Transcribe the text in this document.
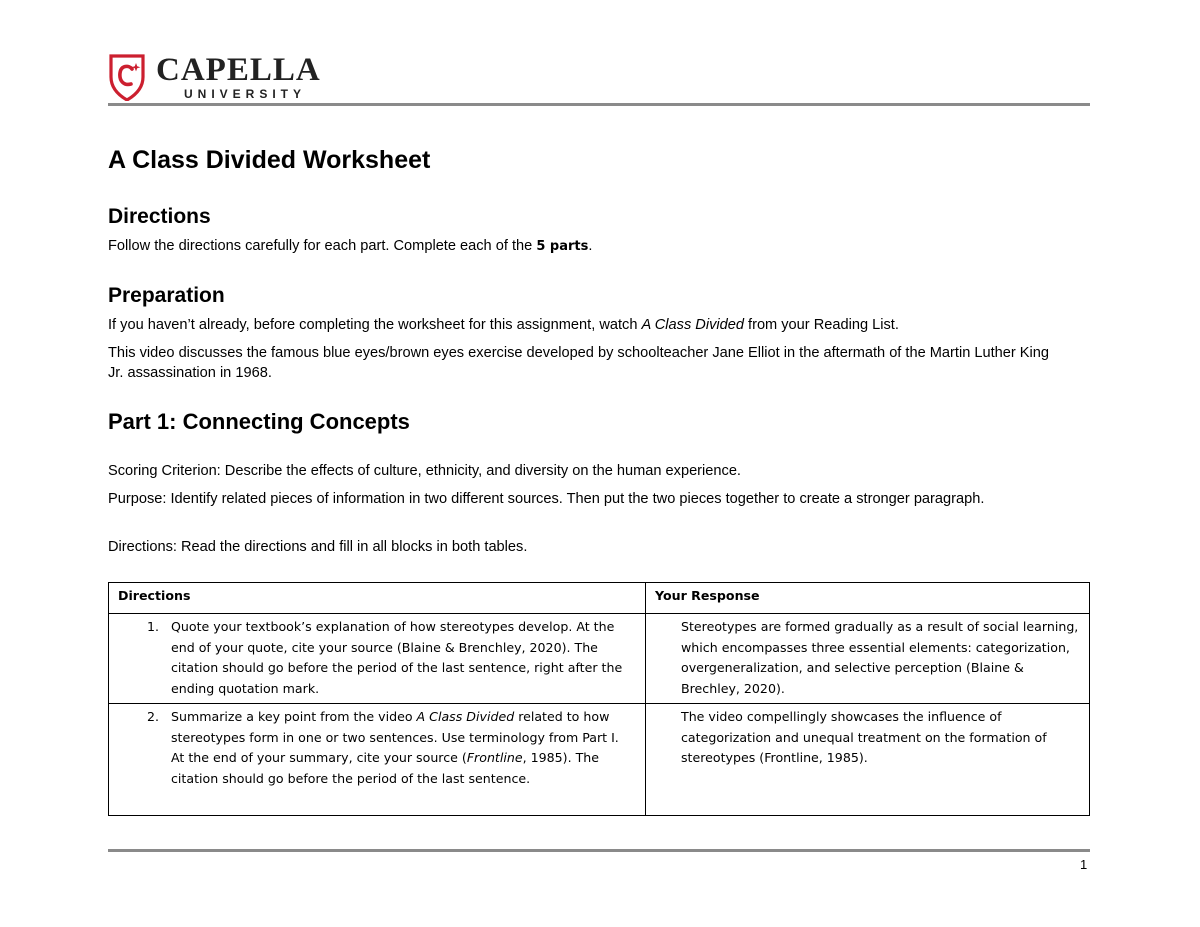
CAPELLA
UNIVERSITY
A Class Divided Worksheet
Directions

Follow the directions carefully for each part. Complete each of the 5 parts.

Preparation

If you haven’t already, before completing the worksheet for this assignment, watch A Class Divided from your Reading List.

This video discusses the famous blue eyes/brown eyes exercise developed by schoolteacher Jane Elliot in the aftermath of the Martin Luther King Jr. assassination in 1968.

Part 1: Connecting Concepts

Scoring Criterion: Describe the effects of culture, ethnicity, and diversity on the human experience.

Purpose: Identify related pieces of information in two different sources. Then put the two pieces together to create a stronger paragraph.

Directions: Read the directions and fill in all blocks in both tables.

Directions	Your Response

1. Quote your textbook’s explanation of how stereotypes develop. At the end of your quote, cite your source (Blaine & Brenchley, 2020). The citation should go before the period of the last sentence, right after the ending quotation mark.	Stereotypes are formed gradually as a result of social learning, which encompasses three essential elements: categorization, overgeneralization, and selective perception (Blaine & Brechley, 2020).

2. Summarize a key point from the video A Class Divided related to how stereotypes form in one or two sentences. Use terminology from Part I. At the end of your summary, cite your source (Frontline, 1985). The citation should go before the period of the last sentence.	The video compellingly showcases the influence of categorization and unequal treatment on the formation of stereotypes (Frontline, 1985).
1
